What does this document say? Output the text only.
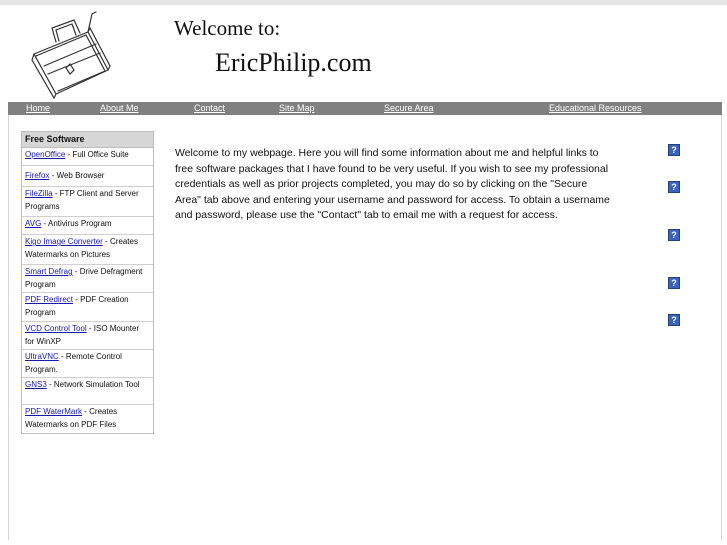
Welcome to:
EricPhilip.com
Home	About Me	Contact	Site Map	Secure Area	Educational Resources
Free Software
OpenOffice - Full Office Suite
Firefox - Web Browser
FileZilla - FTP Client and Server Programs
AVG - Antivirus Program
Kigo Image Converter - Creates Watermarks on Pictures
Smart Defrag - Drive Defragment Program
PDF Redirect - PDF Creation Program
VCD Control Tool - ISO Mounter for WinXP
UltraVNC - Remote Control Program.
GNS3 - Network Simulation Tool
PDF WaterMark - Creates Watermarks on PDF Files
Welcome to my webpage. Here you will find some information about me and helpful links to free software packages that I have found to be very useful. If you wish to see my professional credentials as well as prior projects completed, you may do so by clicking on the "Secure Area" tab above and entering your username and password for access. To obtain a username and password, please use the "Contact" tab to email me with a request for access.
?
?
?
?
?
